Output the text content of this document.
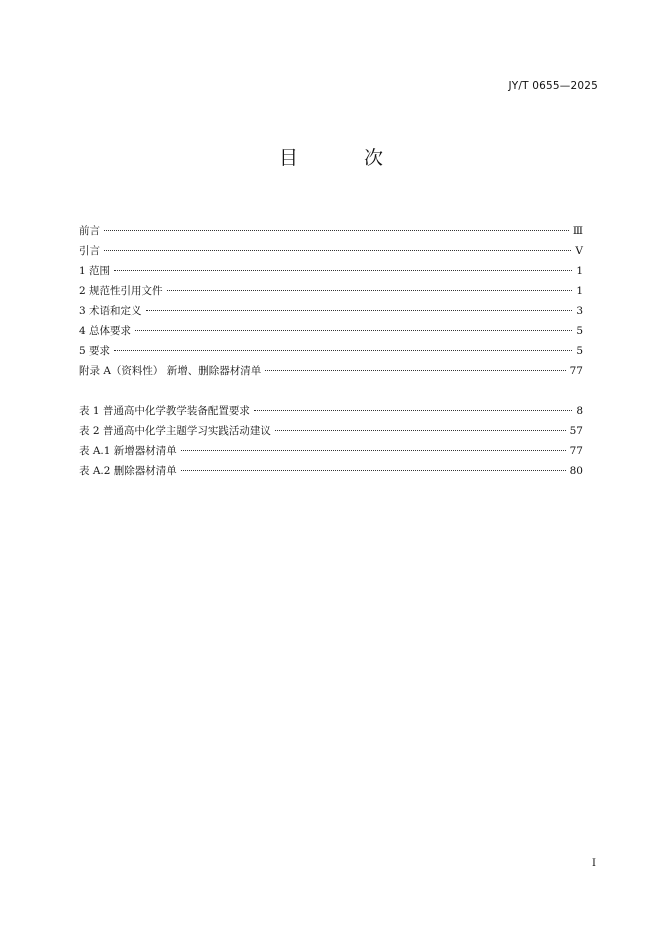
JY/T 0655—2025
目 次
前言	Ⅲ
引言	Ⅴ
1 范围	1
2 规范性引用文件	1
3 术语和定义	3
4 总体要求	5
5 要求	5
附录 A（资料性） 新增、删除器材清单	77
表 1 普通高中化学教学装备配置要求	8
表 2 普通高中化学主题学习实践活动建议	57
表 A.1 新增器材清单	77
表 A.2 删除器材清单	80
I
